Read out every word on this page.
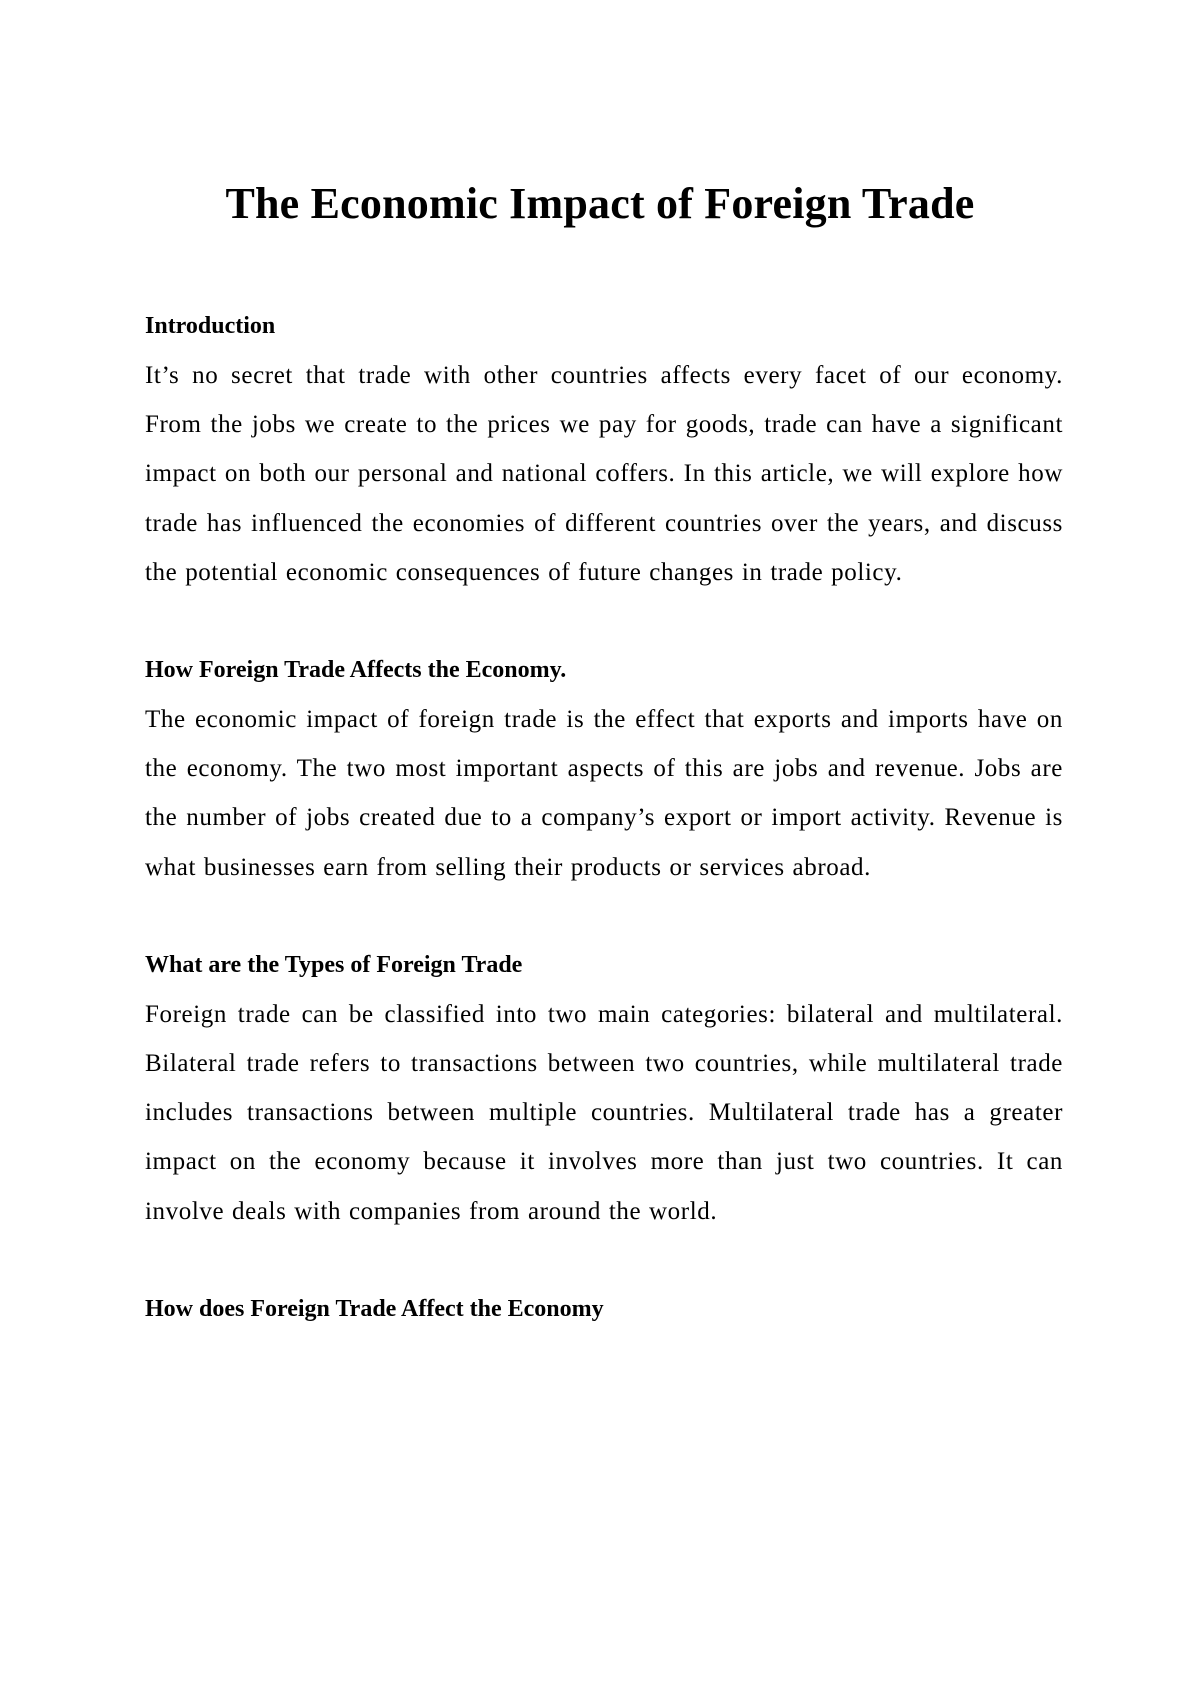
The Economic Impact of Foreign Trade
Introduction

It’s no secret that trade with other countries affects every facet of our economy. From the jobs we create to the prices we pay for goods, trade can have a significant impact on both our personal and national coffers. In this article, we will explore how trade has influenced the economies of different countries over the years, and discuss the potential economic consequences of future changes in trade policy.

How Foreign Trade Affects the Economy.

The economic impact of foreign trade is the effect that exports and imports have on the economy. The two most important aspects of this are jobs and revenue. Jobs are the number of jobs created due to a company’s export or import activity. Revenue is what businesses earn from selling their products or services abroad.

What are the Types of Foreign Trade

Foreign trade can be classified into two main categories: bilateral and multilateral. Bilateral trade refers to transactions between two countries, while multilateral trade includes transactions between multiple countries. Multilateral trade has a greater impact on the economy because it involves more than just two countries. It can involve deals with companies from around the world.

How does Foreign Trade Affect the Economy
